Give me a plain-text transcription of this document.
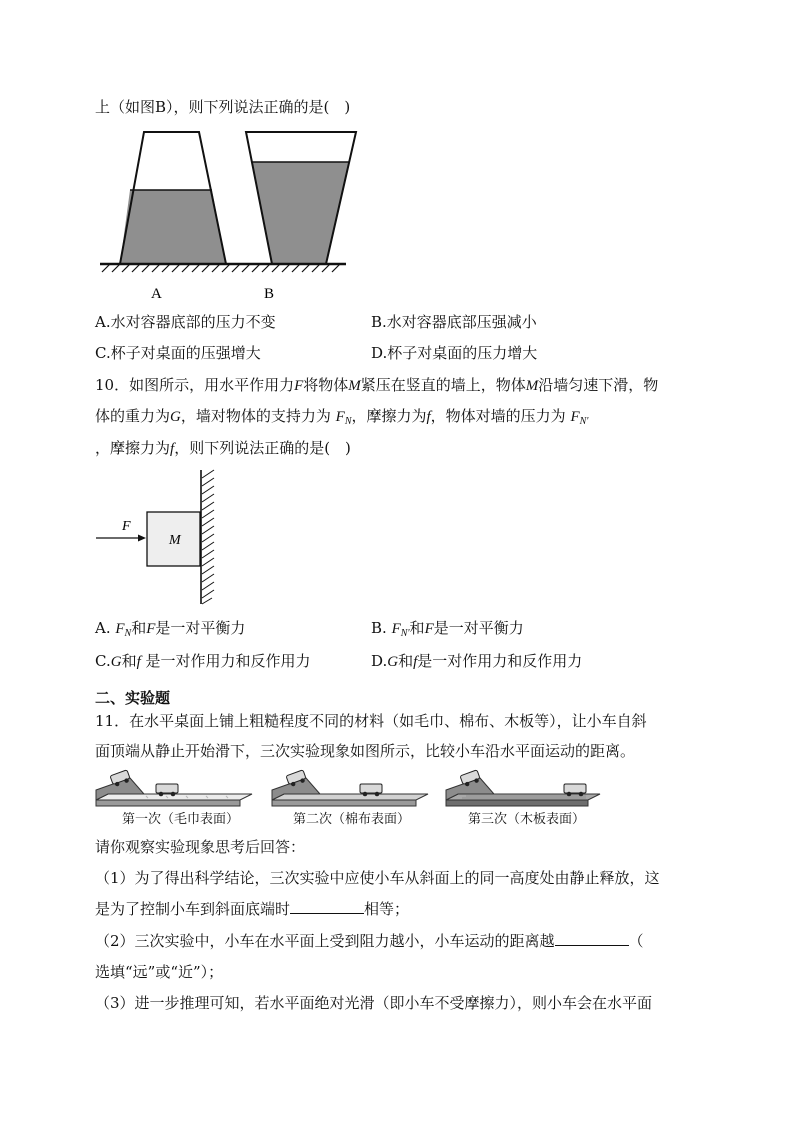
上（如图B），则下列说法正确的是(　)
A	B
A.水对容器底部的压力不变	B.水对容器底部压强减小
C.杯子对桌面的压强增大	D.杯子对桌面的压力增大
10．如图所示，用水平作用力F将物体M紧压在竖直的墙上，物体M沿墙匀速下滑，物
体的重力为G，墙对物体的支持力为 $F_N$，摩擦力为f，物体对墙的压力为 $F_{N'}$
，摩擦力为f，则下列说法正确的是(　)
F
M
A. $F_N$和F是一对平衡力	B. $F_{N'}$和F是一对平衡力
C.G和f 是一对作用力和反作用力	D.G和f是一对作用力和反作用力
二、实验题
11．在水平桌面上铺上粗糙程度不同的材料（如毛巾、棉布、木板等），让小车自斜
面顶端从静止开始滑下，三次实验现象如图所示，比较小车沿水平面运动的距离。
第一次（毛巾表面）	第二次（棉布表面）	第三次（木板表面）
请你观察实验现象思考后回答：
（1）为了得出科学结论，三次实验中应使小车从斜面上的同一高度处由静止释放，这
是为了控制小车到斜面底端时	相等；
（2）三次实验中，小车在水平面上受到阻力越小，小车运动的距离越	（
选填“远”或“近”）；
（3）进一步推理可知，若水平面绝对光滑（即小车不受摩擦力），则小车会在水平面
